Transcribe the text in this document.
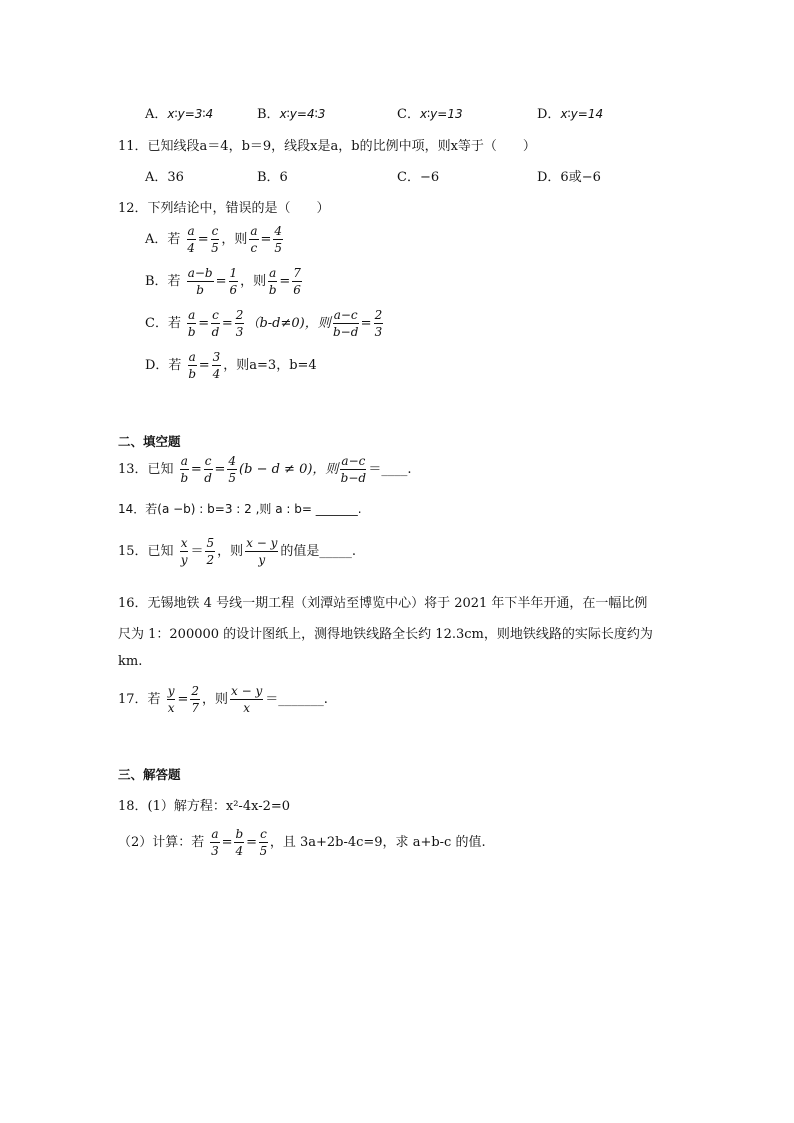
A．x∶y=3∶4	B．x∶y=4∶3	C．x∶y=13	D．x∶y=14
11．已知线段a＝4，b＝9，线段x是a，b的比例中项，则x等于（　　）
A．36	B．6	C．−6	D．6或−6
12．下列结论中，错误的是（　　）
A．若 $\frac{a}{4} = \frac{c}{5}$ ，则 $\frac{a}{c} = \frac{4}{5}$
B．若 $\frac{a-b}{b} = \frac{1}{6}$ ，则 $\frac{a}{b} = \frac{7}{6}$
C．若 $\frac{a}{b} = \frac{c}{d} = \frac{2}{3} (b-d\ne 0)$，则 $\frac{a-c}{b-d} = \frac{2}{3}$
D．若 $\frac{a}{b} = \frac{3}{4}$ ，则a=3，b=4
二、填空题
13．已知 $\frac{a}{b} = \frac{c}{d} = \frac{4}{5} (b - d \ne 0)$，则 $\frac{a-c}{b-d}$ ＝____.
14．若(a −b) : b=3 : 2 ,则 a : b= _______.
15．已知 $\frac{x}{y} = \frac{5}{2}$ ，则 $\frac{x - y}{y}$ 的值是_____.
16．无锡地铁 4 号线一期工程（刘潭站至博览中心）将于 2021 年下半年开通，在一幅比例
尺为 1：200000 的设计图纸上，测得地铁线路全长约 12.3cm，则地铁线路的实际长度约为
km.
17．若 $\frac{y}{x} = \frac{2}{7}$ ，则 $\frac{x - y}{x}$ ＝_______.
三、解答题
18．(1）解方程：x²-4x-2=0
（2）计算：若 $\frac{a}{3} = \frac{b}{4} = \frac{c}{5}$ ，且 3a+2b-4c=9，求 a+b-c 的值.
